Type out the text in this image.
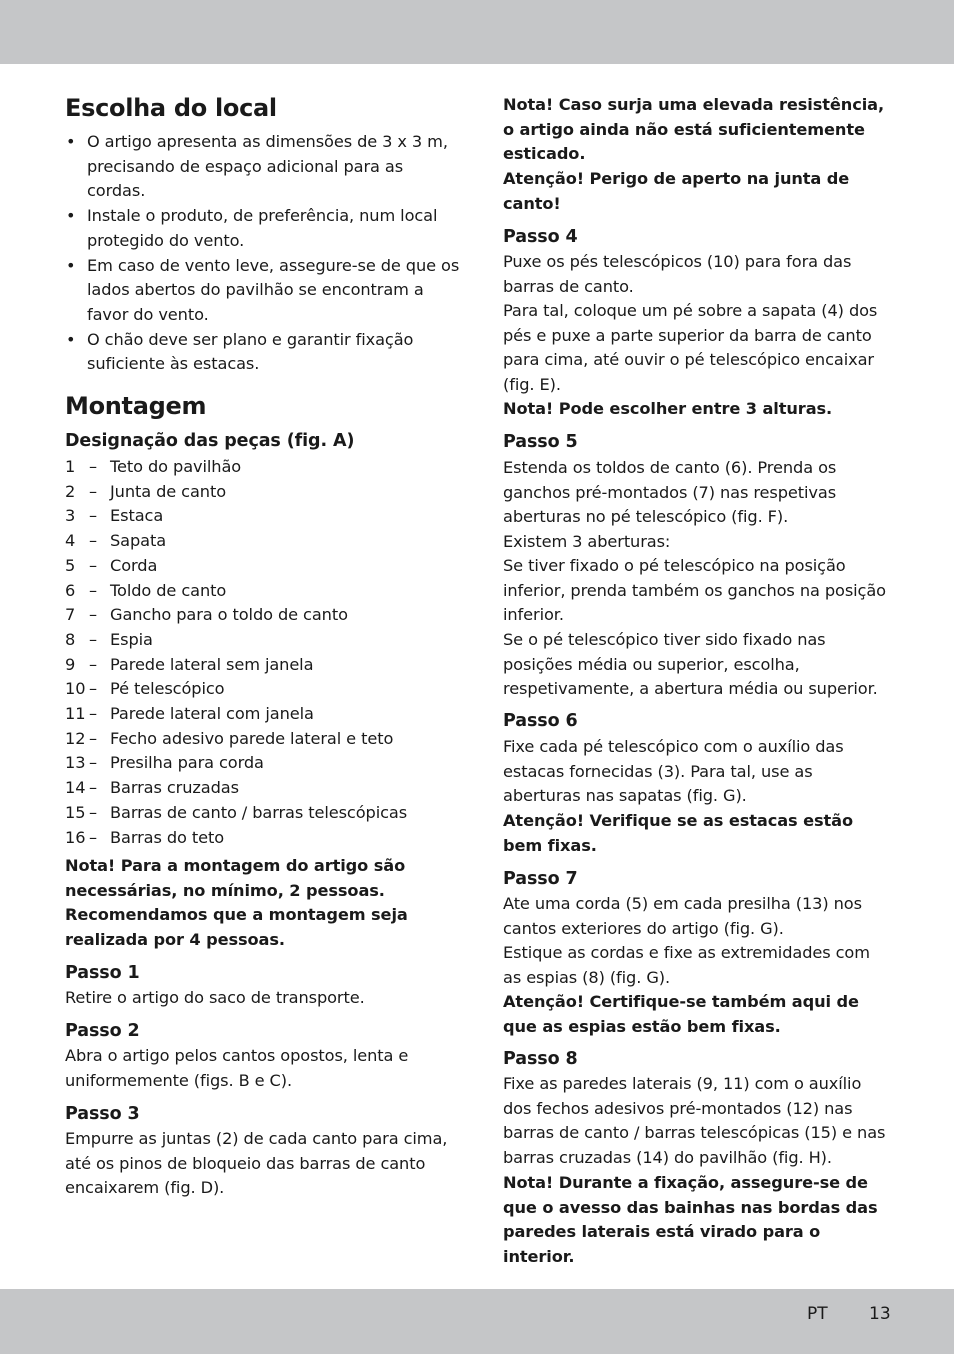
Escolha do local
• O artigo apresenta as dimensões de 3 x 3 m, precisando de espaço adicional para as cordas.
• Instale o produto, de preferência, num local protegido do vento.
• Em caso de vento leve, assegure-se de que os lados abertos do pavilhão se encontram a favor do vento.
• O chão deve ser plano e garantir fixação suficiente às estacas.
Montagem
Designação das peças (fig. A)
1 – Teto do pavilhão
2 – Junta de canto
3 – Estaca
4 – Sapata
5 – Corda
6 – Toldo de canto
7 – Gancho para o toldo de canto
8 – Espia
9 – Parede lateral sem janela
10 – Pé telescópico
11 – Parede lateral com janela
12 – Fecho adesivo parede lateral e teto
13 – Presilha para corda
14 – Barras cruzadas
15 – Barras de canto / barras telescópicas
16 – Barras do teto

Nota! Para a montagem do artigo são necessárias, no mínimo, 2 pessoas. Recomendamos que a montagem seja realizada por 4 pessoas.

Passo 1

Retire o artigo do saco de transporte.

Passo 2

Abra o artigo pelos cantos opostos, lenta e uniformemente (figs. B e C).

Passo 3

Empurre as juntas (2) de cada canto para cima, até os pinos de bloqueio das barras de canto encaixarem (fig. D).

Nota! Caso surja uma elevada resistência, o artigo ainda não está suficientemente esticado.

Atenção! Perigo de aperto na junta de canto!

Passo 4

Puxe os pés telescópicos (10) para fora das barras de canto.

Para tal, coloque um pé sobre a sapata (4) dos pés e puxe a parte superior da barra de canto para cima, até ouvir o pé telescópico encaixar (fig. E).

Nota! Pode escolher entre 3 alturas.

Passo 5

Estenda os toldos de canto (6). Prenda os ganchos pré-montados (7) nas respetivas aberturas no pé telescópico (fig. F).

Existem 3 aberturas:

Se tiver fixado o pé telescópico na posição inferior, prenda também os ganchos na posição inferior.

Se o pé telescópico tiver sido fixado nas posições média ou superior, escolha, respetivamente, a abertura média ou superior.

Passo 6

Fixe cada pé telescópico com o auxílio das estacas fornecidas (3). Para tal, use as aberturas nas sapatas (fig. G).

Atenção! Verifique se as estacas estão bem fixas.

Passo 7

Ate uma corda (5) em cada presilha (13) nos cantos exteriores do artigo (fig. G).

Estique as cordas e fixe as extremidades com as espias (8) (fig. G).

Atenção! Certifique-se também aqui de que as espias estão bem fixas.

Passo 8

Fixe as paredes laterais (9, 11) com o auxílio dos fechos adesivos pré-montados (12) nas barras de canto / barras telescópicas (15) e nas barras cruzadas (14) do pavilhão (fig. H).

Nota! Durante a fixação, assegure-se de que o avesso das bainhas nas bordas das paredes laterais está virado para o interior.

PT 13
